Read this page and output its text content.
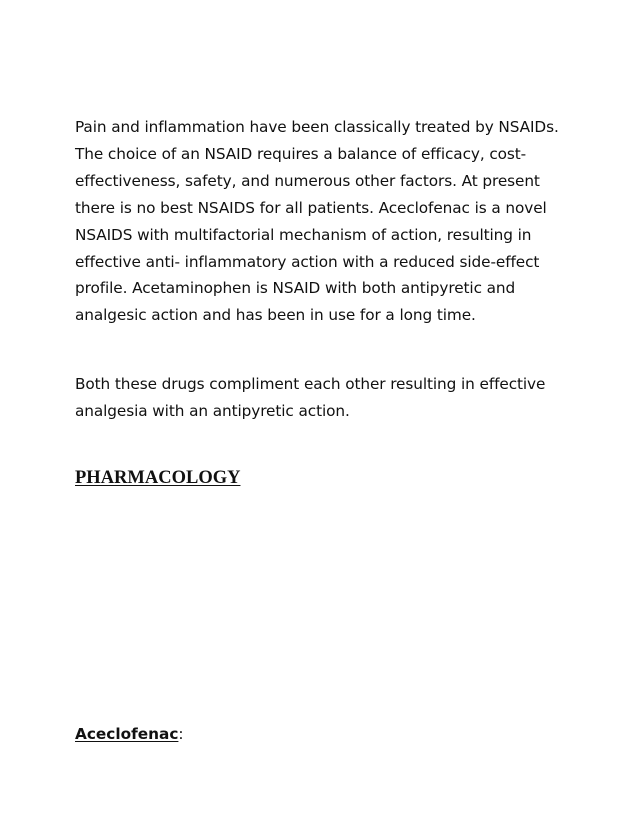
Pain and inflammation have been classically treated by NSAIDs.
The choice of an NSAID requires a balance of efficacy, cost-
effectiveness, safety, and numerous other factors. At present
there is no best NSAIDS for all patients. Aceclofenac is a novel
NSAIDS with multifactorial mechanism of action, resulting in
effective anti- inflammatory action with a reduced side-effect
profile. Acetaminophen is NSAID with both antipyretic and
analgesic action and has been in use for a long time.

Both these drugs compliment each other resulting in effective
analgesia with an antipyretic action.

PHARMACOLOGY

Aceclofenac:
